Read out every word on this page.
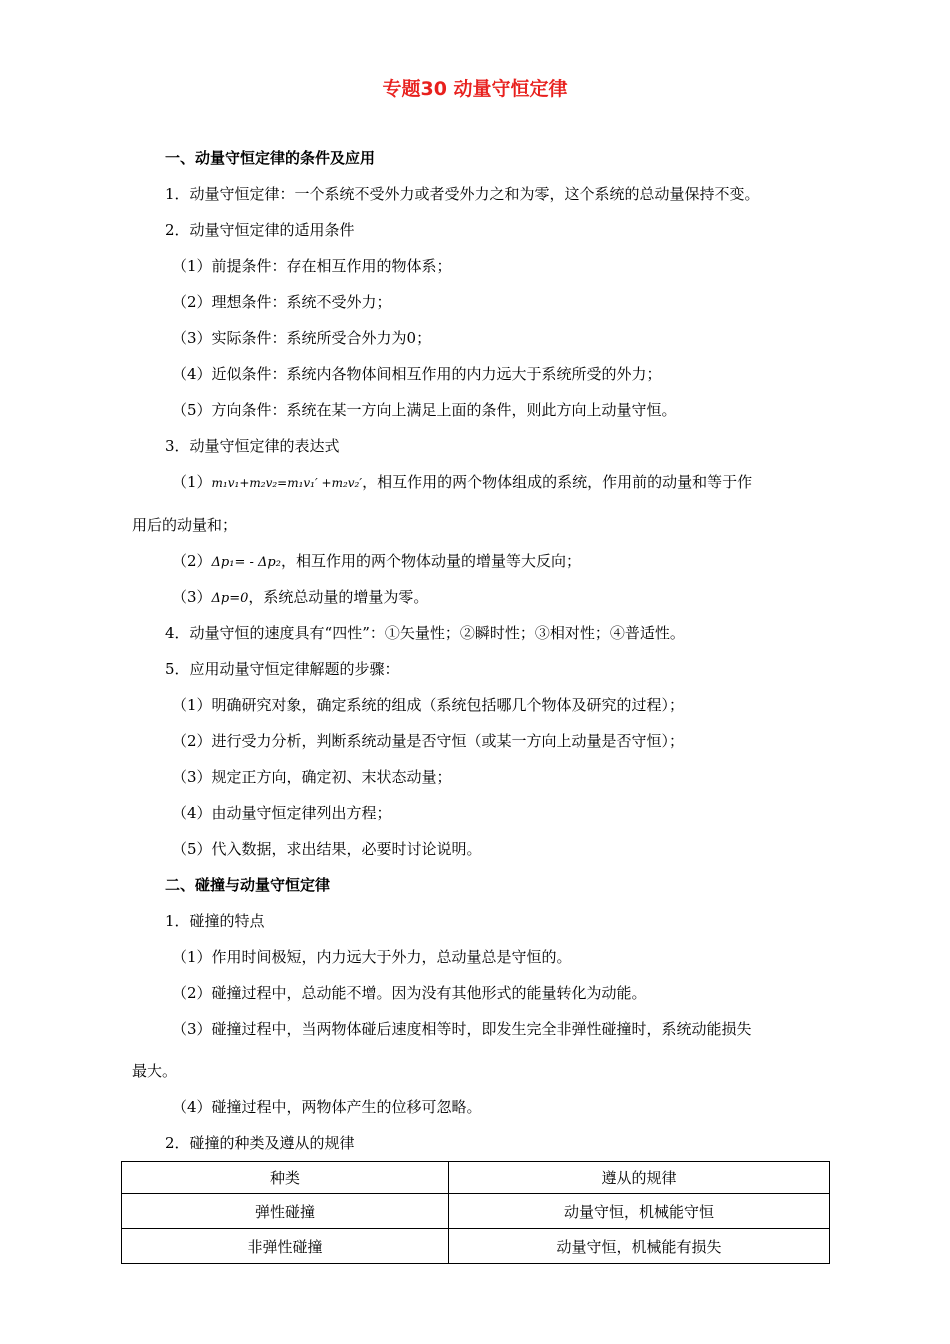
专题30 动量守恒定律
一、动量守恒定律的条件及应用
1．动量守恒定律：一个系统不受外力或者受外力之和为零，这个系统的总动量保持不变。
2．动量守恒定律的适用条件
（1）前提条件：存在相互作用的物体系；
（2）理想条件：系统不受外力；
（3）实际条件：系统所受合外力为0；
（4）近似条件：系统内各物体间相互作用的内力远大于系统所受的外力；
（5）方向条件：系统在某一方向上满足上面的条件，则此方向上动量守恒。
3．动量守恒定律的表达式
（1）m₁v₁+m₂v₂=m₁v₁′ +m₂v₂′，相互作用的两个物体组成的系统，作用前的动量和等于作
用后的动量和；
（2）Δp₁= - Δp₂，相互作用的两个物体动量的增量等大反向；
（3）Δp=0，系统总动量的增量为零。
4．动量守恒的速度具有“四性”：①矢量性；②瞬时性；③相对性；④普适性。
5．应用动量守恒定律解题的步骤：
（1）明确研究对象，确定系统的组成（系统包括哪几个物体及研究的过程）；
（2）进行受力分析，判断系统动量是否守恒（或某一方向上动量是否守恒）；
（3）规定正方向，确定初、末状态动量；
（4）由动量守恒定律列出方程；
（5）代入数据，求出结果，必要时讨论说明。
二、碰撞与动量守恒定律
1．碰撞的特点
（1）作用时间极短，内力远大于外力，总动量总是守恒的。
（2）碰撞过程中，总动能不增。因为没有其他形式的能量转化为动能。
（3）碰撞过程中，当两物体碰后速度相等时，即发生完全非弹性碰撞时，系统动能损失
最大。
（4）碰撞过程中，两物体产生的位移可忽略。
2．碰撞的种类及遵从的规律
种类	遵从的规律
弹性碰撞	动量守恒，机械能守恒
非弹性碰撞	动量守恒，机械能有损失
